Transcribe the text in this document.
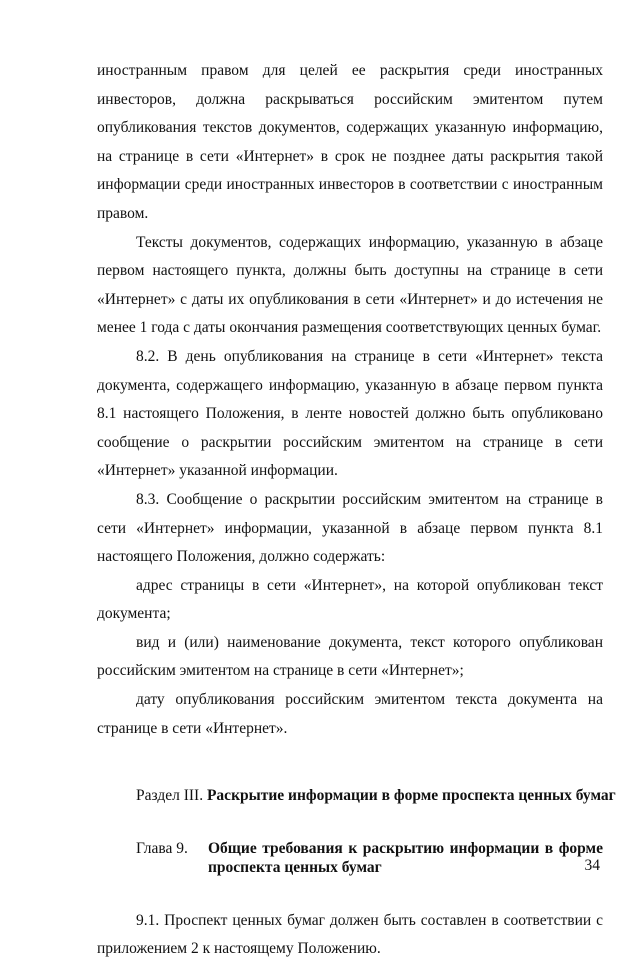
иностранным правом для целей ее раскрытия среди иностранных инвесторов, должна раскрываться российским эмитентом путем опубликования текстов документов, содержащих указанную информацию, на странице в сети «Интернет» в срок не позднее даты раскрытия такой информации среди иностранных инвесторов в соответствии с иностранным правом.

Тексты документов, содержащих информацию, указанную в абзаце первом настоящего пункта, должны быть доступны на странице в сети «Интернет» с даты их опубликования в сети «Интернет» и до истечения не менее 1 года с даты окончания размещения соответствующих ценных бумаг.

8.2. В день опубликования на странице в сети «Интернет» текста документа, содержащего информацию, указанную в абзаце первом пункта 8.1 настоящего Положения, в ленте новостей должно быть опубликовано сообщение о раскрытии российским эмитентом на странице в сети «Интернет» указанной информации.

8.3. Сообщение о раскрытии российским эмитентом на странице в сети «Интернет» информации, указанной в абзаце первом пункта 8.1 настоящего Положения, должно содержать:

адрес страницы в сети «Интернет», на которой опубликован текст документа;

вид и (или) наименование документа, текст которого опубликован российским эмитентом на странице в сети «Интернет»;

дату опубликования российским эмитентом текста документа на странице в сети «Интернет».

Раздел III. Раскрытие информации в форме проспекта ценных бумаг

Глава 9.	Общие требования к раскрытию информации в форме проспекта ценных бумаг

9.1. Проспект ценных бумаг должен быть составлен в соответствии с приложением 2 к настоящему Положению.

34
